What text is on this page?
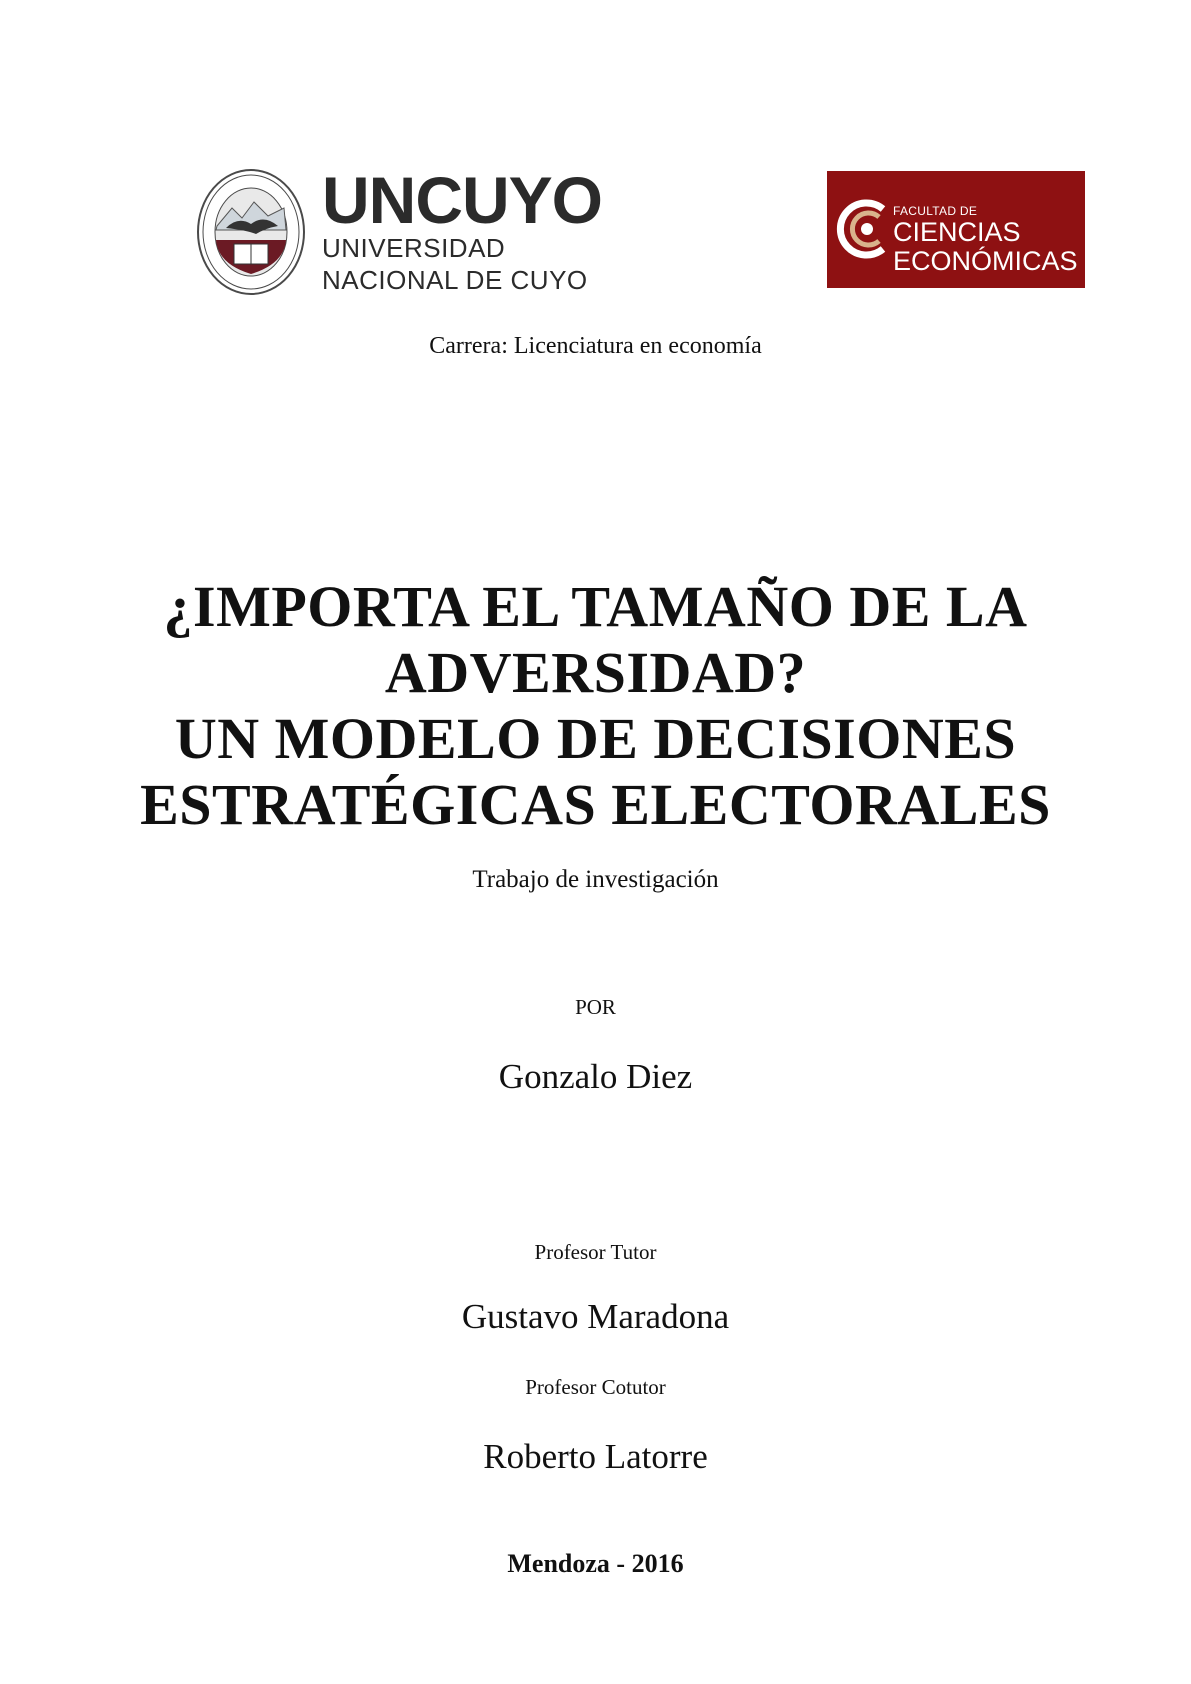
UNCUYO
UNIVERSIDAD
NACIONAL DE CUYO
FACULTAD DE
CIENCIAS
ECONÓMICAS
Carrera: Licenciatura en economía
¿IMPORTA EL TAMAÑO DE LA
ADVERSIDAD?
UN MODELO DE DECISIONES
ESTRATÉGICAS ELECTORALES
Trabajo de investigación
POR
Gonzalo Diez
Profesor Tutor
Gustavo Maradona
Profesor Cotutor
Roberto Latorre
Mendoza - 2016
